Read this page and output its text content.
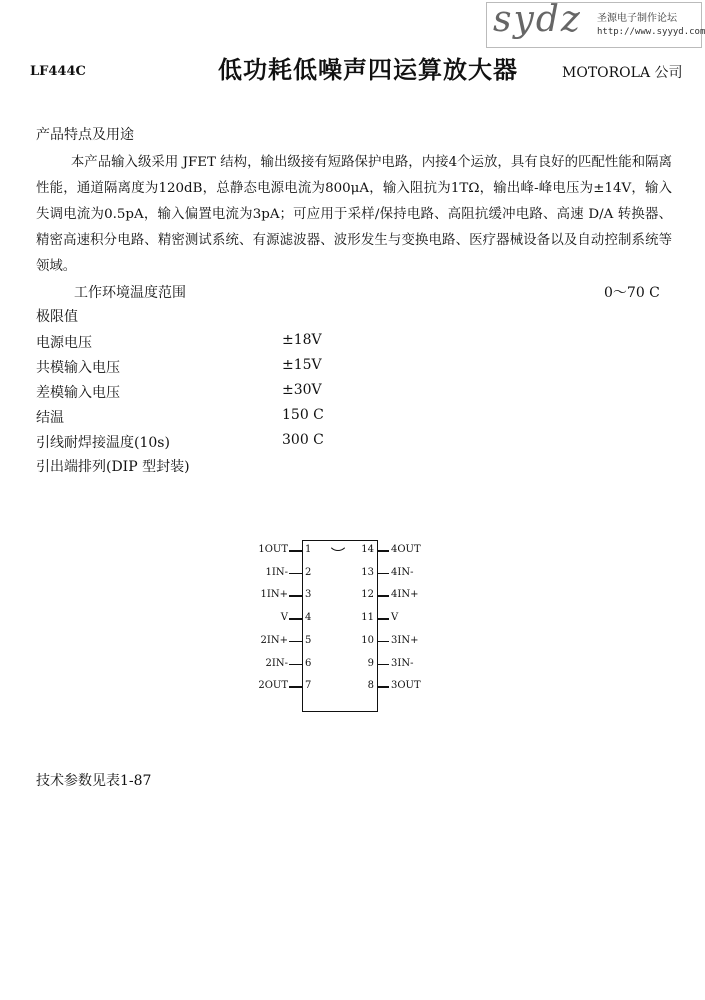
sydz 圣源电子制作论坛
http://www.syyyd.com
LF444C	低功耗低噪声四运算放大器	MOTOROLA 公司
产品特点及用途
本产品输入级采用 JFET 结构，输出级接有短路保护电路，内接4个运放，具有良好的匹配性能和隔离性能，通道隔离度为120dB，总静态电源电流为800μA，输入阻抗为1TΩ，输出峰-峰电压为±14V，输入失调电流为0.5pA，输入偏置电流为3pA；可应用于采样/保持电路、高阻抗缓冲电路、高速 D/A 转换器、精密高速积分电路、精密测试系统、有源滤波器、波形发生与变换电路、医疗器械设备以及自动控制系统等领域。
工作环境温度范围	0～70 C
极限值
电源电压	±18V
共模输入电压	±15V
差模输入电压	±30V
结温	150 C
引线耐焊接温度(10s)	300 C
引出端排列(DIP 型封装)
1OUT 1
1IN- 2
1IN+ 3
V 4
2IN+ 5
2IN- 6
2OUT 7
14 4OUT
13 4IN-
12 4IN+
11 V
10 3IN+
9 3IN-
8 3OUT
技术参数见表1-87
